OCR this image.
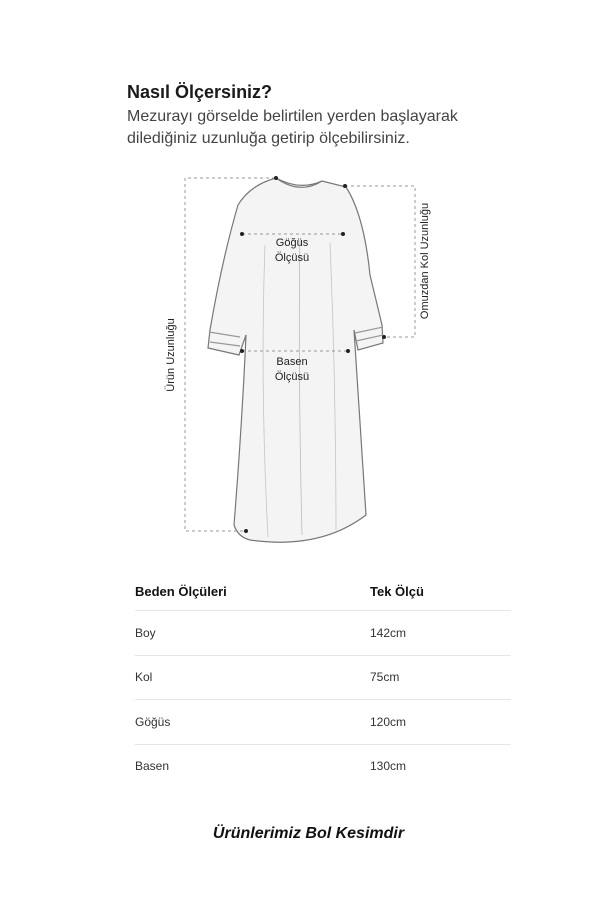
Nasıl Ölçersiniz?
Mezurayı görselde belirtilen yerden başlayarak dilediğiniz uzunluğa getirip ölçebilirsiniz.
Göğüs
Ölçüsü
Basen
Ölçüsü
Ürün Uzunluğu
Omuzdan Kol Uzunluğu
Beden Ölçüleri	Tek Ölçü
Boy	142cm
Kol	75cm
Göğüs	120cm
Basen	130cm
Ürünlerimiz Bol Kesimdir
